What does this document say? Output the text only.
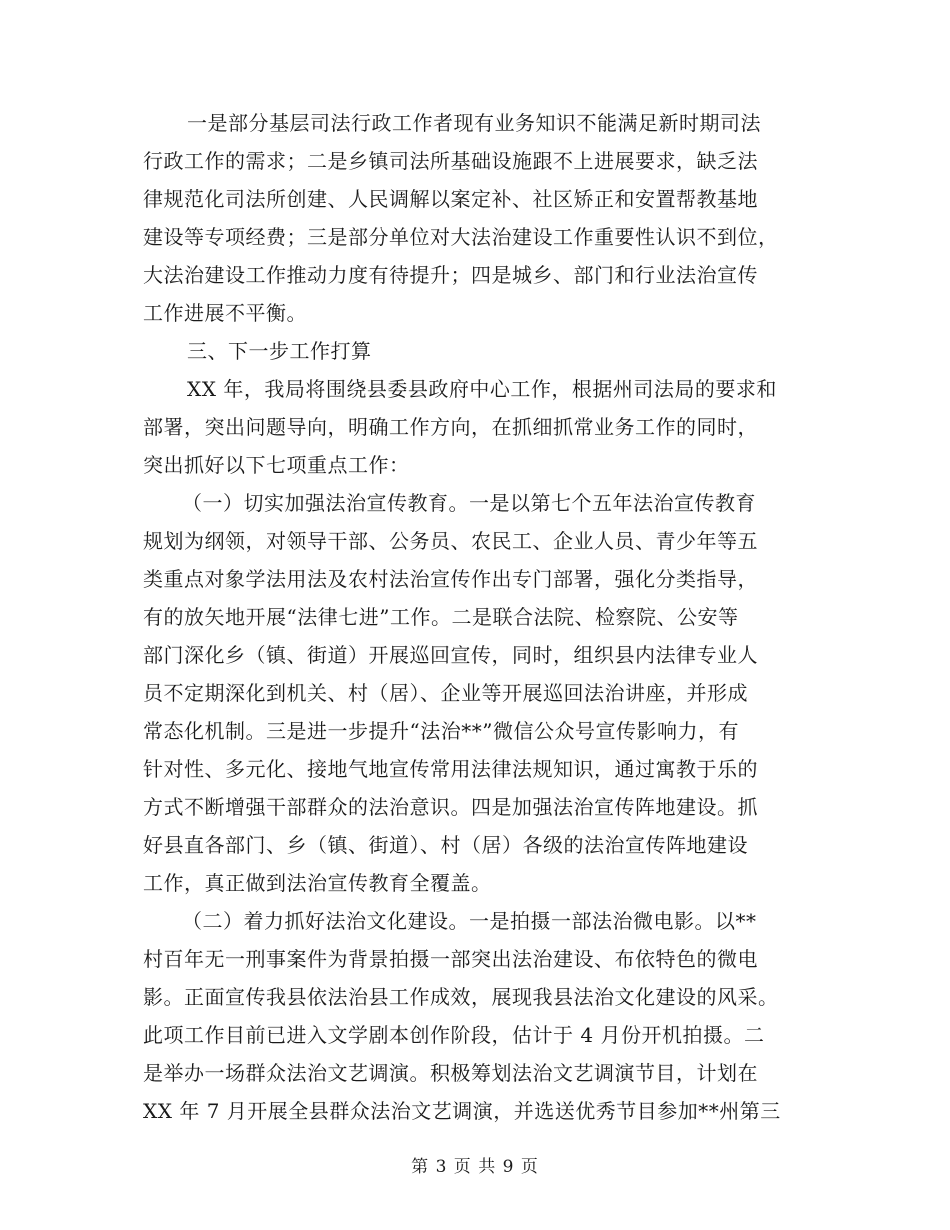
一是部分基层司法行政工作者现有业务知识不能满足新时期司法
行政工作的需求；二是乡镇司法所基础设施跟不上进展要求，缺乏法
律规范化司法所创建、人民调解以案定补、社区矫正和安置帮教基地
建设等专项经费；三是部分单位对大法治建设工作重要性认识不到位，
大法治建设工作推动力度有待提升；四是城乡、部门和行业法治宣传
工作进展不平衡。
三、下一步工作打算
XX 年，我局将围绕县委县政府中心工作，根据州司法局的要求和
部署，突出问题导向，明确工作方向，在抓细抓常业务工作的同时，
突出抓好以下七项重点工作：
（一）切实加强法治宣传教育。一是以第七个五年法治宣传教育
规划为纲领，对领导干部、公务员、农民工、企业人员、青少年等五
类重点对象学法用法及农村法治宣传作出专门部署，强化分类指导，
有的放矢地开展“法律七进”工作。二是联合法院、检察院、公安等
部门深化乡（镇、街道）开展巡回宣传，同时，组织县内法律专业人
员不定期深化到机关、村（居）、企业等开展巡回法治讲座，并形成
常态化机制。三是进一步提升“法治**”微信公众号宣传影响力，有
针对性、多元化、接地气地宣传常用法律法规知识，通过寓教于乐的
方式不断增强干部群众的法治意识。四是加强法治宣传阵地建设。抓
好县直各部门、乡（镇、街道）、村（居）各级的法治宣传阵地建设
工作，真正做到法治宣传教育全覆盖。
（二）着力抓好法治文化建设。一是拍摄一部法治微电影。以**
村百年无一刑事案件为背景拍摄一部突出法治建设、布依特色的微电
影。正面宣传我县依法治县工作成效，展现我县法治文化建设的风采。
此项工作目前已进入文学剧本创作阶段，估计于 4 月份开机拍摄。二
是举办一场群众法治文艺调演。积极筹划法治文艺调演节目，计划在
XX 年 7 月开展全县群众法治文艺调演，并选送优秀节目参加**州第三
第 3 页 共 9 页
